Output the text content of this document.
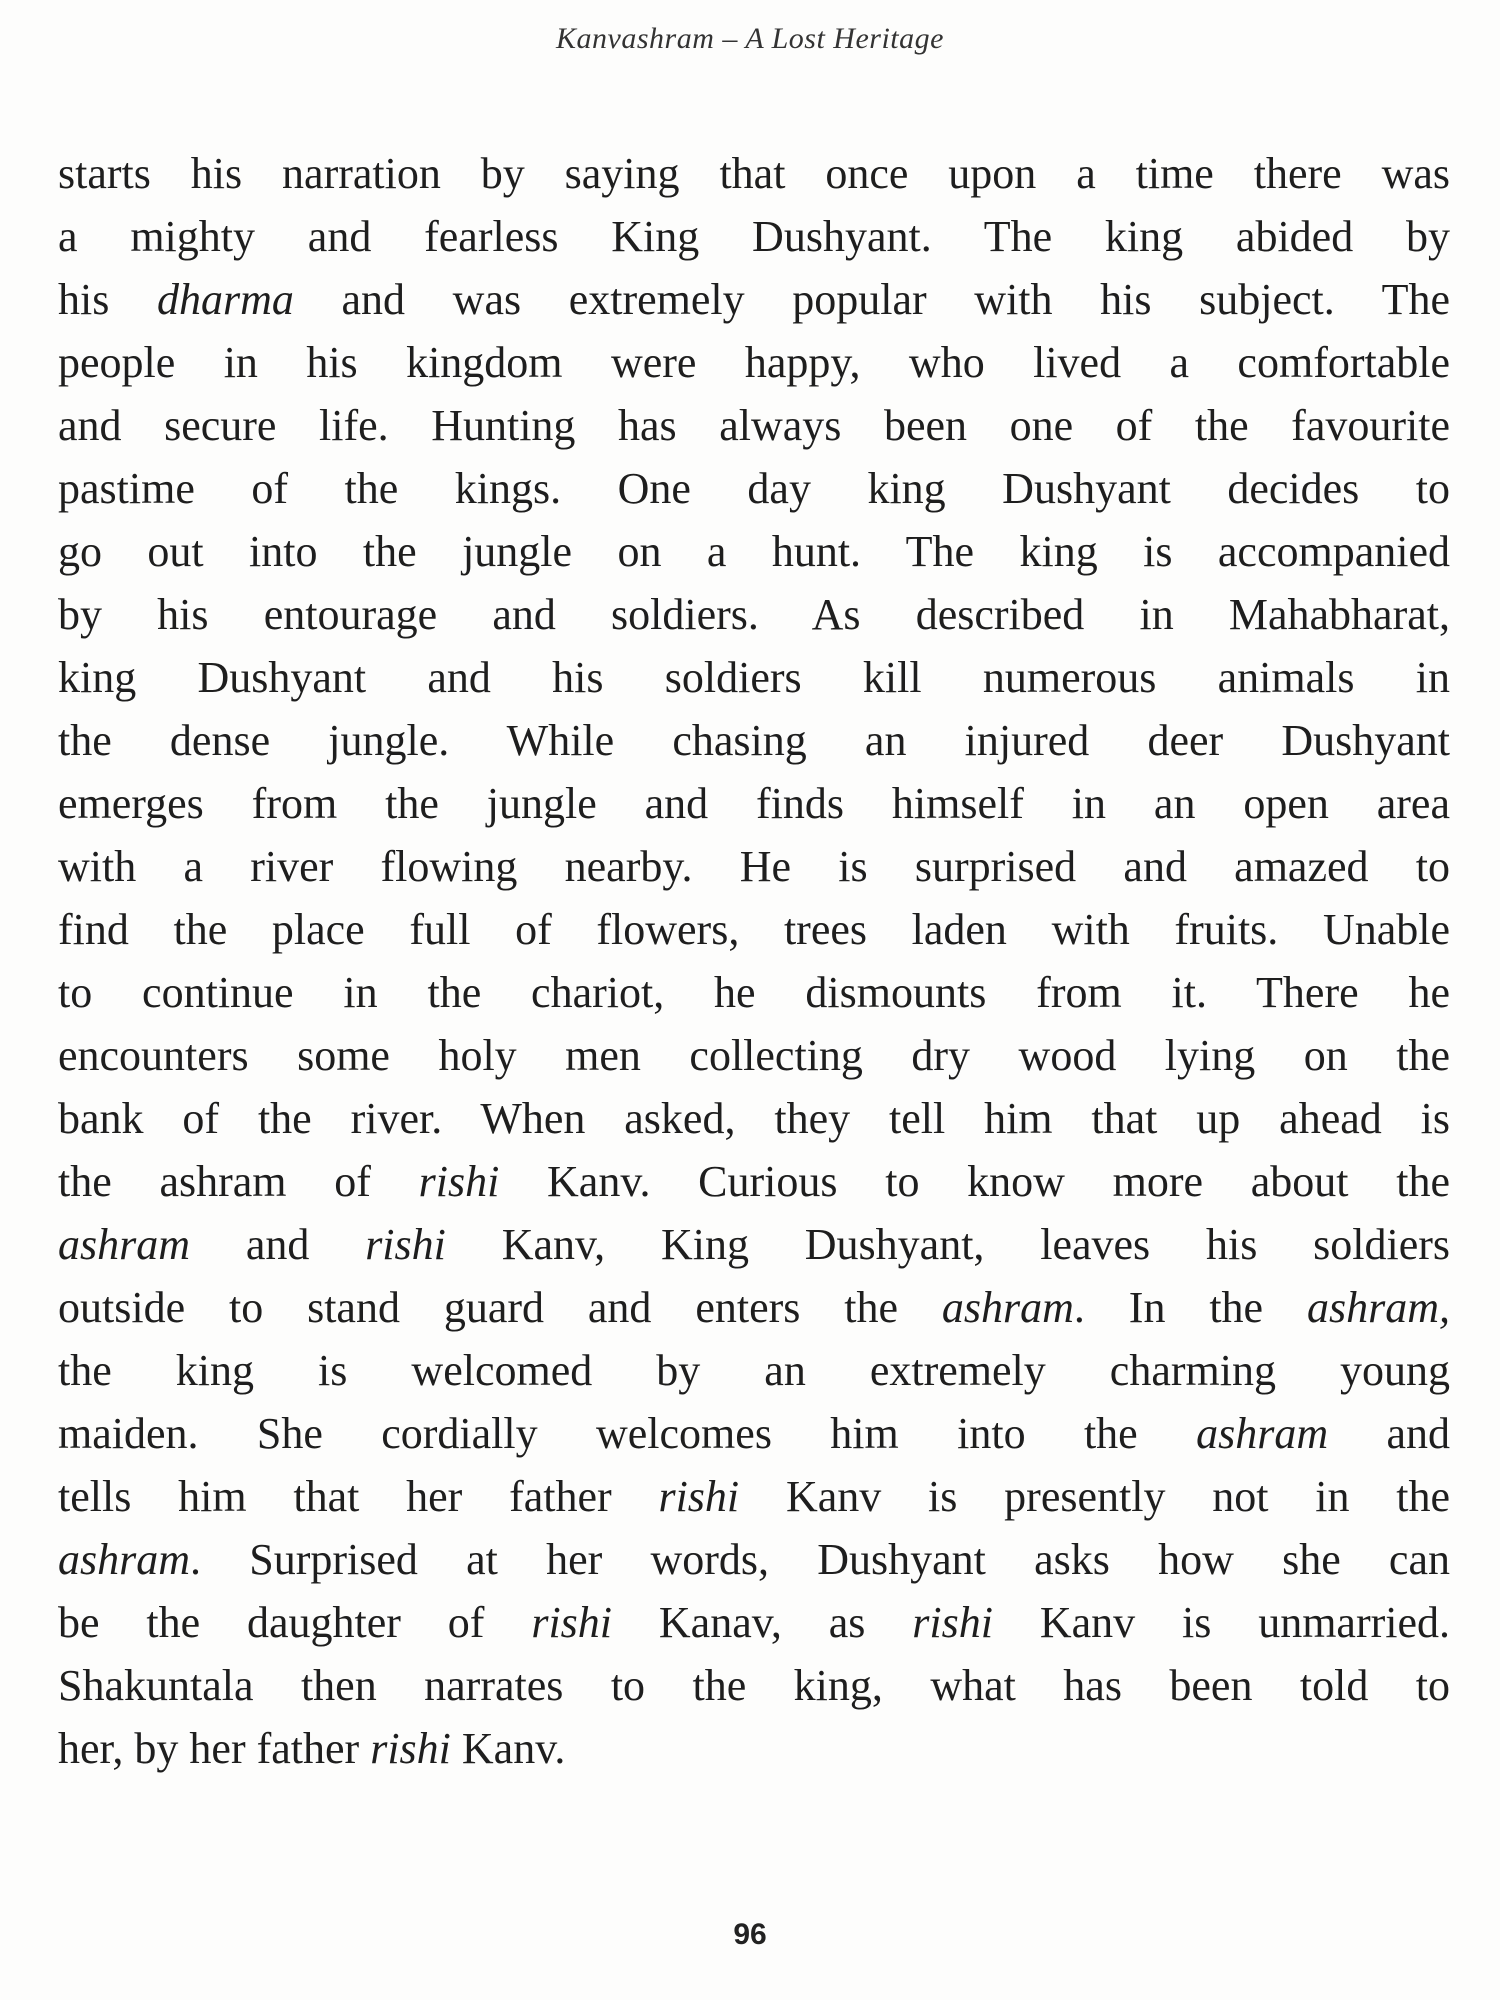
Kanvashram – A Lost Heritage
starts his narration by saying that once upon a time there was
a mighty and fearless King Dushyant. The king abided by
his dharma and was extremely popular with his subject. The
people in his kingdom were happy, who lived a comfortable
and secure life. Hunting has always been one of the favourite
pastime of the kings. One day king Dushyant decides to
go out into the jungle on a hunt. The king is accompanied
by his entourage and soldiers. As described in Mahabharat,
king Dushyant and his soldiers kill numerous animals in
the dense jungle. While chasing an injured deer Dushyant
emerges from the jungle and finds himself in an open area
with a river flowing nearby. He is surprised and amazed to
find the place full of flowers, trees laden with fruits. Unable
to continue in the chariot, he dismounts from it. There he
encounters some holy men collecting dry wood lying on the
bank of the river. When asked, they tell him that up ahead is
the ashram of rishi Kanv. Curious to know more about the
ashram and rishi Kanv, King Dushyant, leaves his soldiers
outside to stand guard and enters the ashram. In the ashram,
the king is welcomed by an extremely charming young
maiden. She cordially welcomes him into the ashram and
tells him that her father rishi Kanv is presently not in the
ashram. Surprised at her words, Dushyant asks how she can
be the daughter of rishi Kanav, as rishi Kanv is unmarried.
Shakuntala then narrates to the king, what has been told to
her, by her father rishi Kanv.
96
